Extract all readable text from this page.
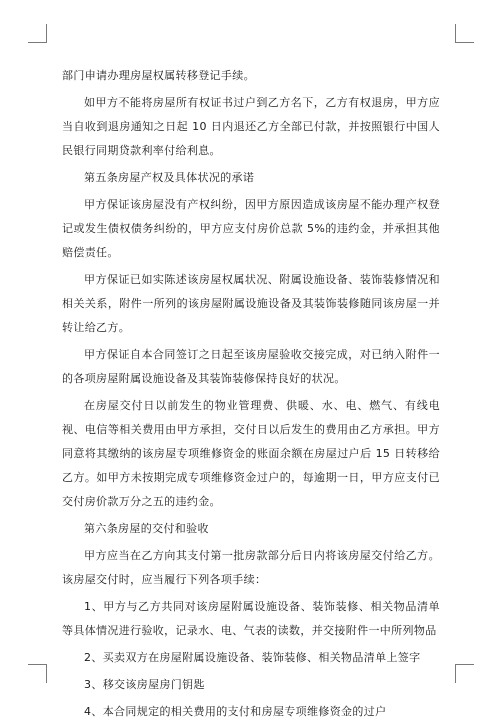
部门申请办理房屋权属转移登记手续。

如甲方不能将房屋所有权证书过户到乙方名下，乙方有权退房，甲方应当自收到退房通知之日起 10 日内退还乙方全部已付款，并按照银行中国人民银行同期贷款利率付给利息。

第五条房屋产权及具体状况的承诺

甲方保证该房屋没有产权纠纷，因甲方原因造成该房屋不能办理产权登记或发生债权债务纠纷的，甲方应支付房价总款 5%的违约金，并承担其他赔偿责任。

甲方保证已如实陈述该房屋权属状况、附属设施设备、装饰装修情况和相关关系，附件一所列的该房屋附属设施设备及其装饰装修随同该房屋一并转让给乙方。

甲方保证自本合同签订之日起至该房屋验收交接完成，对已纳入附件一的各项房屋附属设施设备及其装饰装修保持良好的状况。

在房屋交付日以前发生的物业管理费、供暖、水、电、燃气、有线电视、电信等相关费用由甲方承担，交付日以后发生的费用由乙方承担。甲方同意将其缴纳的该房屋专项维修资金的账面余额在房屋过户后 15 日转移给乙方。如甲方未按期完成专项维修资金过户的，每逾期一日，甲方应支付已交付房价款万分之五的违约金。

第六条房屋的交付和验收

甲方应当在乙方向其支付第一批房款部分后日内将该房屋交付给乙方。该房屋交付时，应当履行下列各项手续：

1、甲方与乙方共同对该房屋附属设施设备、装饰装修、相关物品清单等具体情况进行验收，记录水、电、气表的读数，并交接附件一中所列物品

2、买卖双方在房屋附属设施设备、装饰装修、相关物品清单上签字

3、移交该房屋房门钥匙

4、本合同规定的相关费用的支付和房屋专项维修资金的过户
